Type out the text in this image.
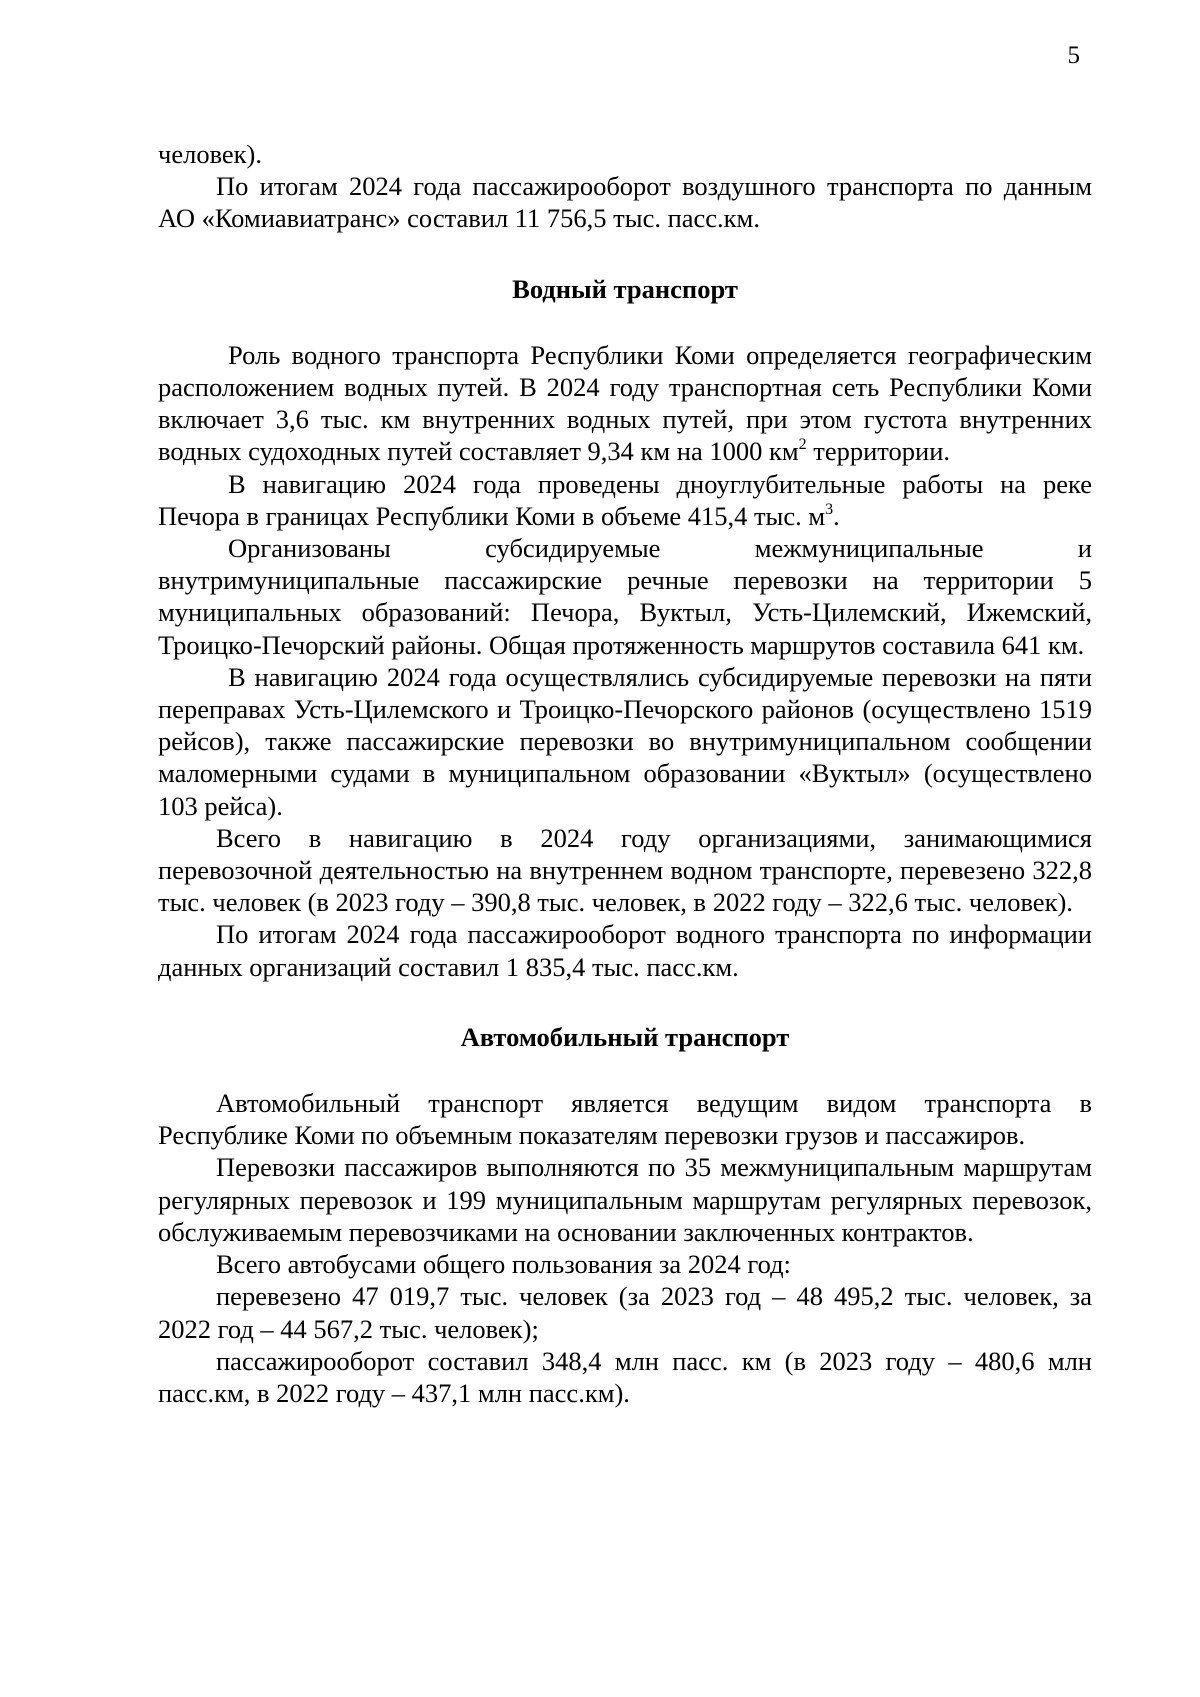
5

человек).

По итогам 2024 года пассажирооборот воздушного транспорта по данным АО «Комиавиатранс» составил 11 756,5 тыс. пасс.км.

Водный транспорт

Роль водного транспорта Республики Коми определяется географическим расположением водных путей. В 2024 году транспортная сеть Республики Коми включает 3,6 тыс. км внутренних водных путей, при этом густота внутренних водных судоходных путей составляет 9,34 км на 1000 $км^2$ территории.

В навигацию 2024 года проведены дноуглубительные работы на реке Печора в границах Республики Коми в объеме 415,4 тыс. $м^3$.

Организованы субсидируемые межмуниципальные и внутримуниципальные пассажирские речные перевозки на территории 5 муниципальных образований: Печора, Вуктыл, Усть-Цилемский, Ижемский, Троицко-Печорский районы. Общая протяженность маршрутов составила 641 км.

В навигацию 2024 года осуществлялись субсидируемые перевозки на пяти переправах Усть-Цилемского и Троицко-Печорского районов (осуществлено 1519 рейсов), также пассажирские перевозки во внутримуниципальном сообщении маломерными судами в муниципальном образовании «Вуктыл» (осуществлено 103 рейса).

Всего в навигацию в 2024 году организациями, занимающимися перевозочной деятельностью на внутреннем водном транспорте, перевезено 322,8 тыс. человек (в 2023 году – 390,8 тыс. человек, в 2022 году – 322,6 тыс. человек).

По итогам 2024 года пассажирооборот водного транспорта по информации данных организаций составил 1 835,4 тыс. пасс.км.

Автомобильный транспорт

Автомобильный транспорт является ведущим видом транспорта в Республике Коми по объемным показателям перевозки грузов и пассажиров.

Перевозки пассажиров выполняются по 35 межмуниципальным маршрутам регулярных перевозок и 199 муниципальным маршрутам регулярных перевозок, обслуживаемым перевозчиками на основании заключенных контрактов.

Всего автобусами общего пользования за 2024 год:

перевезено 47 019,7 тыс. человек (за 2023 год – 48 495,2 тыс. человек, за 2022 год – 44 567,2 тыс. человек);

пассажирооборот составил 348,4 млн пасс. км (в 2023 году – 480,6 млн пасс.км, в 2022 году – 437,1 млн пасс.км).
